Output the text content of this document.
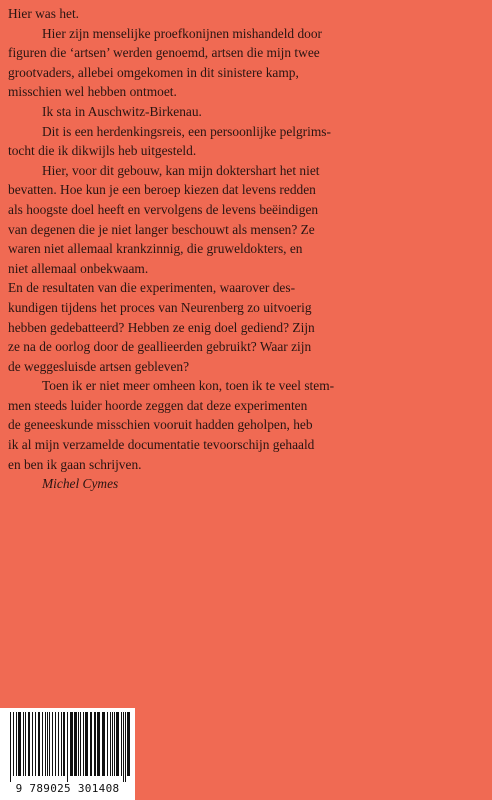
Hier was het.
Hier zijn menselijke proefkonijnen mishandeld door
figuren die ‘artsen’ werden genoemd, artsen die mijn twee
grootvaders, allebei omgekomen in dit sinistere kamp,
misschien wel hebben ontmoet.
Ik sta in Auschwitz-Birkenau.
Dit is een herdenkingsreis, een persoonlijke pelgrims-
tocht die ik dikwijls heb uitgesteld.
Hier, voor dit gebouw, kan mijn doktershart het niet
bevatten. Hoe kun je een beroep kiezen dat levens redden
als hoogste doel heeft en vervolgens de levens beëindigen
van degenen die je niet langer beschouwt als mensen? Ze
waren niet allemaal krankzinnig, die gruweldokters, en
niet allemaal onbekwaam.
En de resultaten van die experimenten, waarover des-
kundigen tijdens het proces van Neurenberg zo uitvoerig
hebben gedebatteerd? Hebben ze enig doel gediend? Zijn
ze na de oorlog door de geallieerden gebruikt? Waar zijn
de weggesluisde artsen gebleven?
Toen ik er niet meer omheen kon, toen ik te veel stem-
men steeds luider hoorde zeggen dat deze experimenten
de geneeskunde misschien vooruit hadden geholpen, heb
ik al mijn verzamelde documentatie tevoorschijn gehaald
en ben ik gaan schrijven.
Michel Cymes
9 789025 301408
